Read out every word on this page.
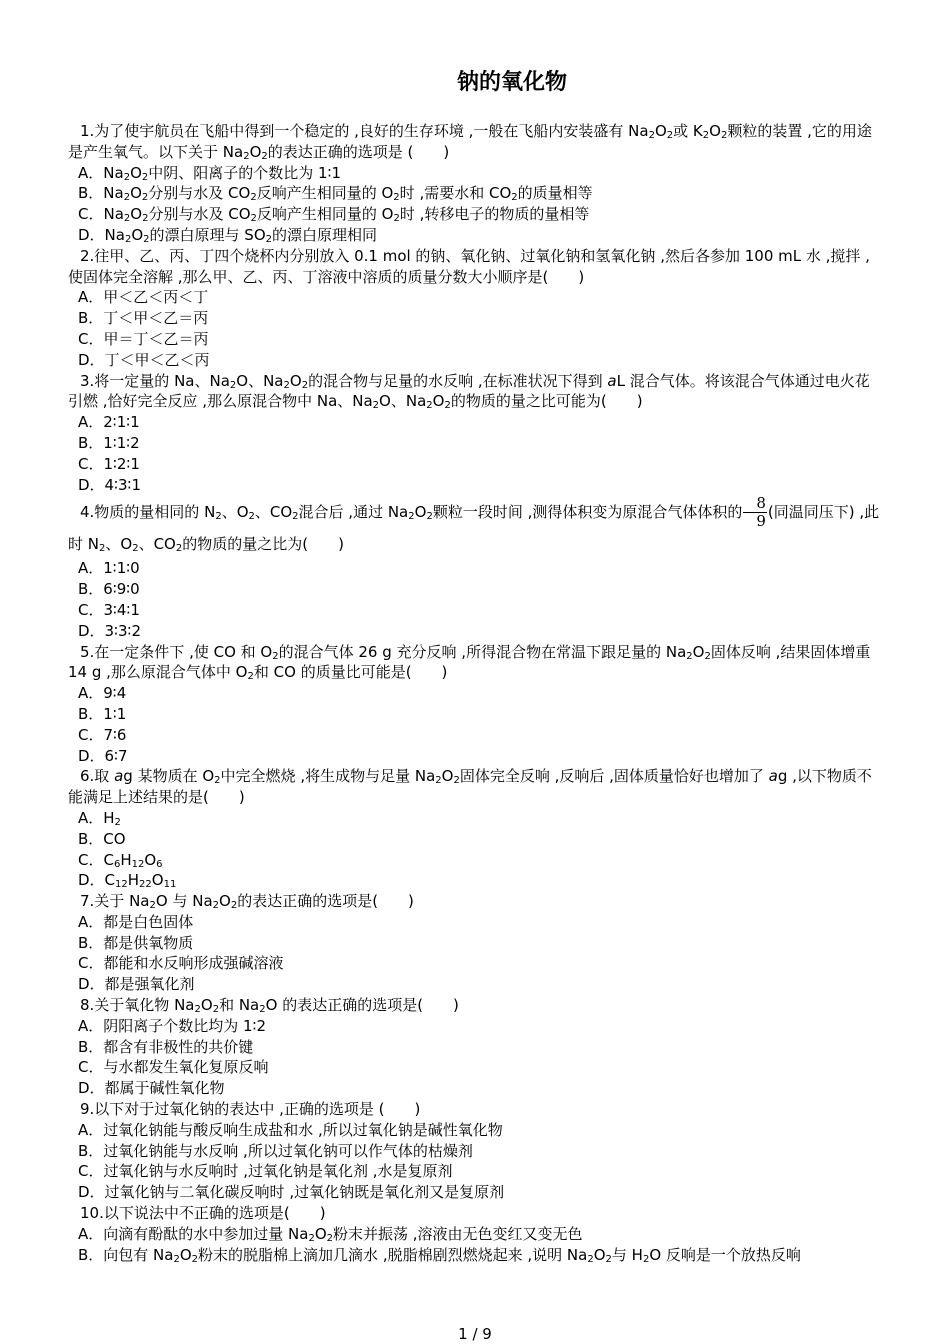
钠的氧化物

1.为了使宇航员在飞船中得到一个稳定的 ,良好的生存环境 ,一般在飞船内安装盛有 $Na_2O_2$或 $K_2O_2$颗粒的装置 ,它的用途是产生氧气。以下关于 $Na_2O_2$的表达正确的选项是 (　　)

A．$Na_2O_2$中阴、阳离子的个数比为 1∶1

B．$Na_2O_2$分别与水及 $CO_2$反响产生相同量的 $O_2$时 ,需要水和 $CO_2$的质量相等

C．$Na_2O_2$分别与水及 $CO_2$反响产生相同量的 $O_2$时 ,转移电子的物质的量相等

D．$Na_2O_2$的漂白原理与 $SO_2$的漂白原理相同

2.往甲、乙、丙、丁四个烧杯内分别放入 0.1 mol 的钠、氧化钠、过氧化钠和氢氧化钠 ,然后各参加 100 mL 水 ,搅拌 ,使固体完全溶解 ,那么甲、乙、丙、丁溶液中溶质的质量分数大小顺序是(　　)

A．甲＜乙＜丙＜丁

B．丁＜甲＜乙＝丙

C．甲＝丁＜乙＝丙

D．丁＜甲＜乙＜丙

3.将一定量的 Na、$Na_2O$、$Na_2O_2$的混合物与足量的水反响 ,在标准状况下得到 aL 混合气体。将该混合气体通过电火花引燃 ,恰好完全反应 ,那么原混合物中 Na、$Na_2O$、$Na_2O_2$的物质的量之比可能为(　　)

A．2∶1∶1

B．1∶1∶2

C．1∶2∶1

D．4∶3∶1

4.物质的量相同的 $N_2$、$O_2$、$CO_2$混合后 ,通过 $Na_2O_2$颗粒一段时间 ,测得体积变为原混合气体体积的 $\frac{8}{9}$ (同温同压下) ,此时 $N_2$、$O_2$、$CO_2$的物质的量之比为(　　)

A．1∶1∶0

B．6∶9∶0

C．3∶4∶1

D．3∶3∶2

5.在一定条件下 ,使 CO 和 $O_2$的混合气体 26 g 充分反响 ,所得混合物在常温下跟足量的 $Na_2O_2$固体反响 ,结果固体增重 14 g ,那么原混合气体中 $O_2$和 CO 的质量比可能是(　　)

A．9∶4

B．1∶1

C．7∶6

D．6∶7

6.取 ag 某物质在 $O_2$中完全燃烧 ,将生成物与足量 $Na_2O_2$固体完全反响 ,反响后 ,固体质量恰好也增加了 ag ,以下物质不能满足上述结果的是(　　)

A．$H_2$

B．CO

C．$C_6H_{12}O_6$

D．$C_{12}H_{22}O_{11}$

7.关于 $Na_2O$ 与 $Na_2O_2$的表达正确的选项是(　　)

A．都是白色固体

B．都是供氧物质

C．都能和水反响形成强碱溶液

D．都是强氧化剂

8.关于氧化物 $Na_2O_2$和 $Na_2O$ 的表达正确的选项是(　　)

A．阴阳离子个数比均为 1∶2

B．都含有非极性的共价键

C．与水都发生氧化复原反响

D．都属于碱性氧化物

9.以下对于过氧化钠的表达中 ,正确的选项是 (　　)

A．过氧化钠能与酸反响生成盐和水 ,所以过氧化钠是碱性氧化物

B．过氧化钠能与水反响 ,所以过氧化钠可以作气体的枯燥剂

C．过氧化钠与水反响时 ,过氧化钠是氧化剂 ,水是复原剂

D．过氧化钠与二氧化碳反响时 ,过氧化钠既是氧化剂又是复原剂

10.以下说法中不正确的选项是(　　)

A．向滴有酚酞的水中参加过量 $Na_2O_2$粉末并振荡 ,溶液由无色变红又变无色

B．向包有 $Na_2O_2$粉末的脱脂棉上滴加几滴水 ,脱脂棉剧烈燃烧起来 ,说明 $Na_2O_2$与 $H_2O$ 反响是一个放热反响

1 / 9
